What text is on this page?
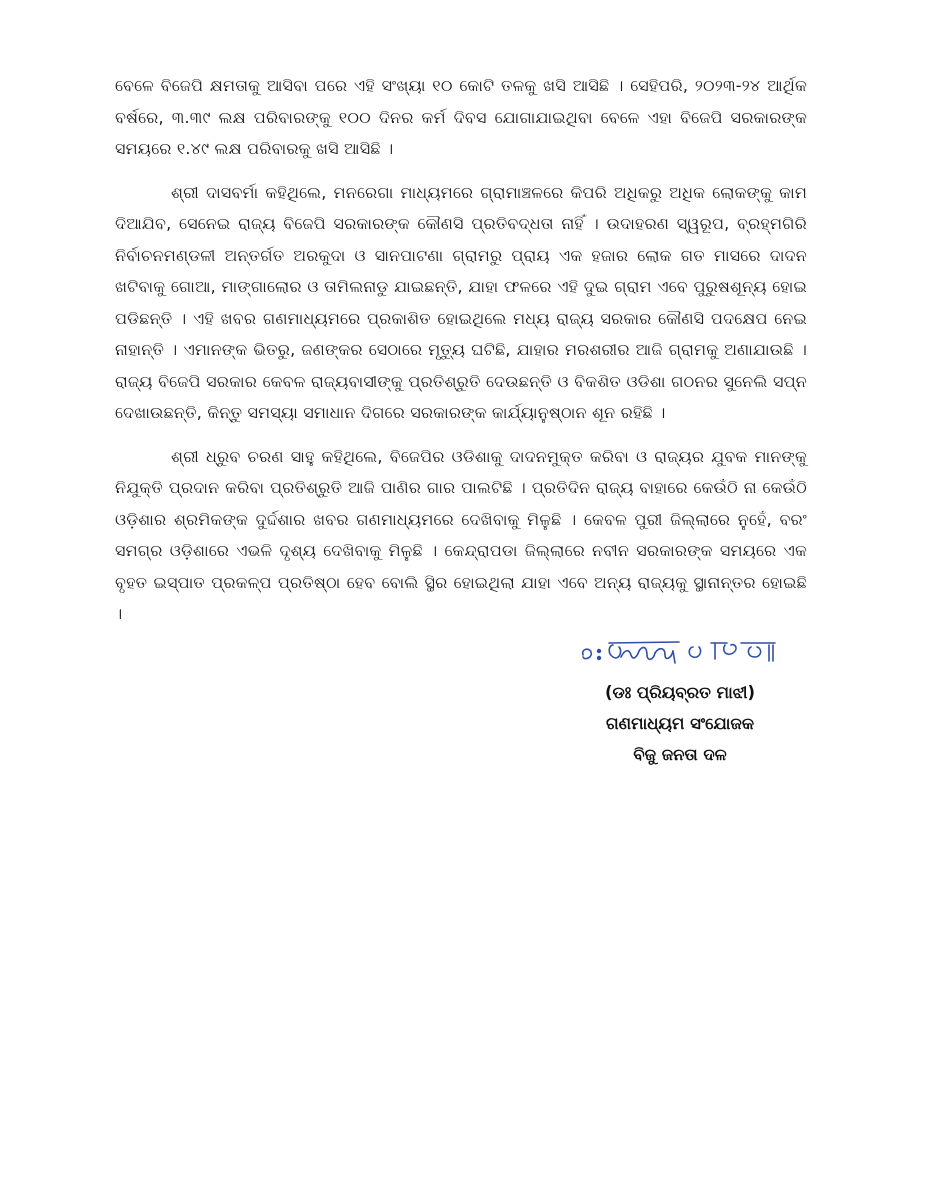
ବେଳେ ବିଜେପି କ୍ଷମତାକୁ ଆସିବା ପରେ ଏହି ସଂଖ୍ୟା ୧୦ କୋଟି ତଳକୁ ଖସି ଆସିଛି । ସେହିପରି, ୨୦୨୩-୨୪ ଆର୍ଥିକ ବର୍ଷରେ, ୩.୩୯ ଲକ୍ଷ ପରିବାରଙ୍କୁ ୧୦୦ ଦିନର କର୍ମ ଦିବସ ଯୋଗାଯାଇଥିବା ବେଳେ ଏହା ବିଜେପି ସରକାରଙ୍କ ସମୟରେ ୧.୪୯ ଲକ୍ଷ ପରିବାରକୁ ଖସି ଆସିଛି ।

ଶ୍ରୀ ଦାସବର୍ମା କହିଥିଲେ, ମନରେଗା ମାଧ୍ୟମରେ ଗ୍ରାମାଞ୍ଚଳରେ କିପରି ଅଧିକରୁ ଅଧିକ ଲୋକଙ୍କୁ କାମ ଦିଆଯିବ, ସେନେଇ ରାଜ୍ୟ ବିଜେପି ସରକାରଙ୍କ କୌଣସି ପ୍ରତିବଦ୍ଧତା ନାହିଁ । ଉଦାହରଣ ସ୍ୱରୂପ, ବ୍ରହ୍ମଗିରି ନିର୍ବାଚନମଣ୍ଡଳୀ ଅନ୍ତର୍ଗତ ଅରକୁଦା ଓ ସାନପାଟଣା ଗ୍ରାମରୁ ପ୍ରାୟ ଏକ ହଜାର ଲୋକ ଗତ ମାସରେ ଦାଦନ ଖଟିବାକୁ ଗୋଆ, ମାଙ୍ଗାଲୋର ଓ ତାମିଲନାଡୁ ଯାଇଛନ୍ତି, ଯାହା ଫଳରେ ଏହି ଦୁଇ ଗ୍ରାମ ଏବେ ପୁରୁଷଶୂନ୍ୟ ହୋଇ ପଡିଛନ୍ତି । ଏହି ଖବର ଗଣମାଧ୍ୟମରେ ପ୍ରକାଶିତ ହୋଇଥିଲେ ମଧ୍ୟ ରାଜ୍ୟ ସରକାର କୌଣସି ପଦକ୍ଷେପ ନେଇ ନାହାନ୍ତି । ଏମାନଙ୍କ ଭିତରୁ, ଜଣଙ୍କର ସେଠାରେ ମୃତ୍ୟୁ ଘଟିଛି, ଯାହାର ମରଶରୀର ଆଜି ଗ୍ରାମକୁ ଅଣାଯାଉଛି । ରାଜ୍ୟ ବିଜେପି ସରକାର କେବଳ ରାଜ୍ୟବାସୀଙ୍କୁ ପ୍ରତିଶ୍ରୁତି ଦେଉଛନ୍ତି ଓ ବିକଶିତ ଓଡିଶା ଗଠନର ସୁନେଲି ସପ୍ନ ଦେଖାଉଛନ୍ତି, କିନ୍ତୁ ସମସ୍ୟା ସମାଧାନ ଦିଗରେ ସରକାରଙ୍କ କାର୍ଯ୍ୟାନୁଷ୍ଠାନ ଶୂନ ରହିଛି ।

ଶ୍ରୀ ଧ୍ରୁବ ଚରଣ ସାହୁ କହିଥିଲେ, ବିଜେପିର ଓଡିଶାକୁ ଦାଦନମୁକ୍ତ କରିବା ଓ ରାଜ୍ୟର ଯୁବକ ମାନଙ୍କୁ ନିଯୁକ୍ତି ପ୍ରଦାନ କରିବା ପ୍ରତିଶ୍ରୁତି ଆଜି ପାଣିର ଗାର ପାଲଟିଛି । ପ୍ରତିଦିନ ରାଜ୍ୟ ବାହାରେ କେଉଁଠି ନା କେଉଁଠି ଓଡ଼ିଶାର ଶ୍ରମିକଙ୍କ ଦୁର୍ଦ୍ଦଶାର ଖବର ଗଣମାଧ୍ୟମରେ ଦେଖିବାକୁ ମିଳୁଛି । କେବଳ ପୁରୀ ଜିଲ୍ଲାରେ ନୁହେଁ, ବରଂ ସମଗ୍ର ଓଡ଼ିଶାରେ ଏଭଳି ଦୃଶ୍ୟ ଦେଖିବାକୁ ମିଳୁଛି । କେନ୍ଦ୍ରାପଡା ଜିଲ୍ଲାରେ ନବୀନ ସରକାରଙ୍କ ସମୟରେ ଏକ ବୃହତ ଇସ୍ପାତ ପ୍ରକଳ୍ପ ପ୍ରତିଷ୍ଠା ହେବ ବୋଲି ସ୍ଥିର ହୋଇଥିଲା ଯାହା ଏବେ ଅନ୍ୟ ରାଜ୍ୟକୁ ସ୍ଥାନାନ୍ତର ହୋଇଛି ।

(ଡଃ ପ୍ରିୟବ୍ରତ ମାଝୀ)
ଗଣମାଧ୍ୟମ ସଂଯୋଜକ
ବିଜୁ ଜନତା ଦଳ
